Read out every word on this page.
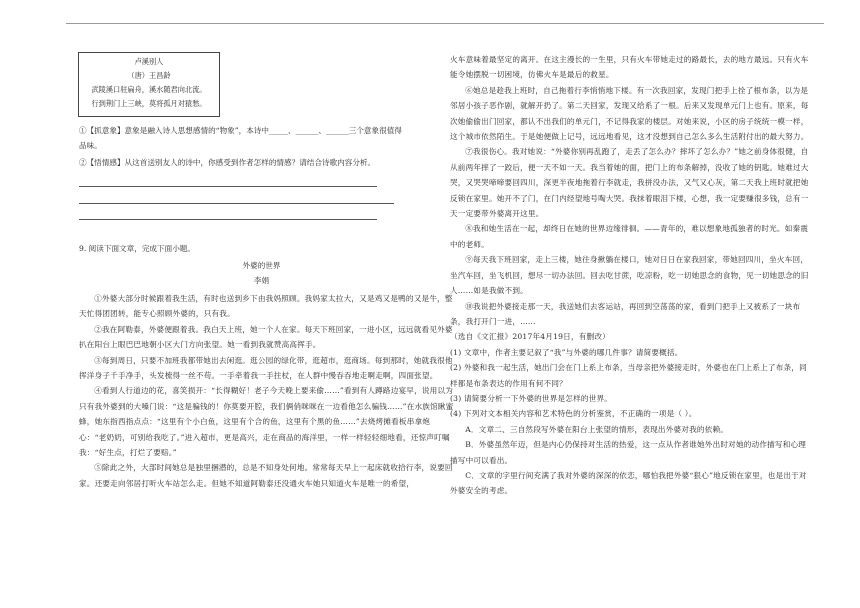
卢溪别人
（唐）王昌龄
武陵溪口驻扁舟，溪水随君向北流。
行到荆门上三峡，莫将孤月对猿愁。
①【抓意象】意象是融入诗人思想感情的“物象”，本诗中_____、______、______三个意象很值得
品味。
②【悟情感】从这首送别友人的诗中，你感受到作者怎样的情感？请结合诗歌内容分析。
9. 阅读下面文章，完成下面小题。
外婆的世界
李娟

①外婆大部分时候跟着我生活，有时也送到乡下由我妈照顾。我妈家太拉大，又是鸡又是鸭的又是牛，整天忙得团团转，能专心照顾外婆的，只有我。

②我在阿勒泰，外婆便跟着我。我白天上班，她一个人在家。每天下班回家，一进小区，远远就看见外婆扒在阳台上眼巴巴地朝小区大门方向张望。她一看到我就赞高高挥手。

③每到周日，只要不加班我都带她出去闲逛。逛公园的绿化带，逛超市，逛商场。每到那时，她就我很他挥洋身子千手净手，头发梳得一丝不苟。一手牵着我一手拄杖，在人群中慢吞吞地走啊走啊，四面张望。

④看到人行道边的花，喜笑损开：“长得糊好！老子今天晚上要来偷……”看到有人蹲路边宴早，说用以为只有我外婆到的大嗓门说：“这是骗钱的！你莫要开腔，我们俩俏咪咪在一边看他怎么骗钱……”在水族馆瞅蜜蜂，她东指西指点点：“这里有个小白鱼，这里有个合的鱼，这里有个黑的鱼……”去烧烤摊看板串拿炮心：“老奶奶，可别给我吃了。”进入超市，更是高兴，走在商品的海洋里，一样一样轻轻细地看，还惊声叮嘱我：“好生点，打烂了要赔。”

⑤除此之外，大部时间她总是独里捆潜的，总是不知身处何地。常常每天早上一起床就收拾行李，说要回家。还要走向邻居打听火车站怎么走。但她不知道阿勒泰还没通火车她只知道火车是唯一的希望，

火车意味着最坚定的离开。在这主漫长的一生里，只有火车带她走过的路最长，去的地方最远。只有火车能令她摆脱一切困境，仿佛火车是最后的救星。

⑥她总是趁我上班时，自己拖着行李悄悄地下楼。有一次我回家，发现门把手上拴了根布条，以为是邻居小孩子恶作剧，就解开扔了。第二天回家，发现又给系了一根。后来又发现单元门上也有。原来，每次她偷偷出门回家，都认不出我们的单元门，不记得我家的楼层。对她来说，小区的房子统统一模一样，这个城市依然陌生。于是她便做上记号，远远地看见，这才没想到自己怎么多么生活附付出的最大努力。

⑦我很伤心。我对她说：“外婆你别再乱跑了，走丢了怎么办？摔坏了怎么办？”她之前身体很健，自从前两年摔了一跤后，便一天不如一天。我当着她的面，把门上的布条解掉，没收了她的钥匙。她难过大哭，又哭哭啼啼要回四川，深更半夜地拖着行李就走，我拼没办法，又气又心灰，第二天我上班时就把她反锁在家里。她开不了门，在门内经望地号啕大哭。我抹着眼泪下楼，心想，我一定要赚很多钱，总有一天一定要带外婆离开这里。

⑧我和她生活在一起，却终日在她的世界边缘徘徊。——青年的，难以想象地孤独者的时光。如秦震中的老师。

⑨每天我下班回家，走上三楼，她往身揪躺在楼口，她对日日在家我回家，带她回四川，坐火车回，坐汽车回，坐飞机回，想尽一切办法回。回去吃甘蔗，吃凉粉，吃一切她思念的食物，见一切她思念的旧人……如是我做不到。

⑩我说把外婆接走那一天，我送她们去客运站，再回到空荡荡的家，看到门把手上又被系了一块布条，我打开门一进，……

（选自《文汇报》2017年4月19日，有删改）

(1) 文章中，作者主要记叙了“我”与外婆的哪几件事？请简要概括。

(2) 外婆和我一起生活，她出门会在门上系上布条，当母亲把外婆接走时，外婆也在门上系上了布条，同样都是布条表达的作用有何不同？

(3) 请简要分析一下外婆的世界是怎样的世界。

(4) 下列对文本相关内容和艺术特色的分析鉴赏，不正确的一项是（ ）。

A．文章二、三自然段写外婆在阳台上张望的情形，表现出外婆对我的依赖。

B．外婆虽然年迈，但是内心仍保持对生活的热爱，这一点从作者谁她外出时对她的动作描写和心理描写中可以看出。

C．文章的字里行间充满了我对外婆的深深的依恋，哪怕我把外婆“狠心”地反锁在家里，也是出于对外婆安全的考虑。
